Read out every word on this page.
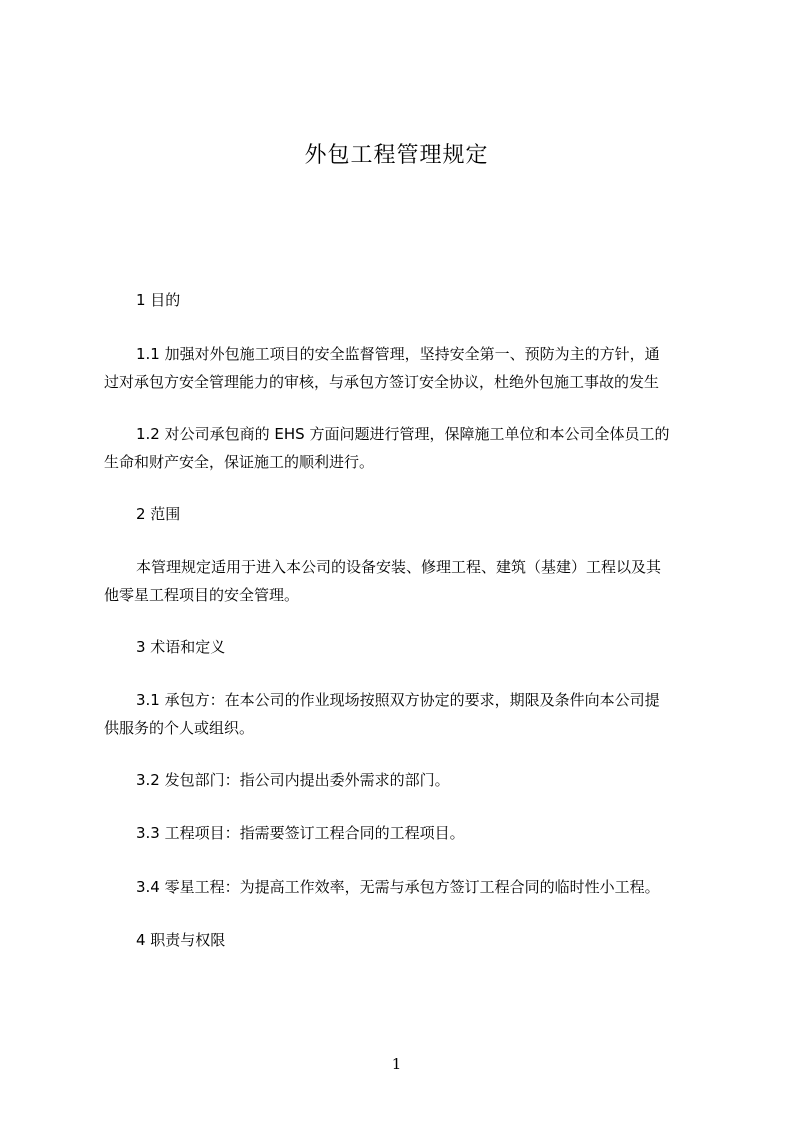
外包工程管理规定

1 目的

1.1 加强对外包施工项目的安全监督管理，坚持安全第一、预防为主的方针，通
过对承包方安全管理能力的审核，与承包方签订安全协议，杜绝外包施工事故的发生

1.2 对公司承包商的 EHS 方面问题进行管理，保障施工单位和本公司全体员工的
生命和财产安全，保证施工的顺利进行。

2 范围

本管理规定适用于进入本公司的设备安装、修理工程、建筑（基建）工程以及其
他零星工程项目的安全管理。

3 术语和定义

3.1 承包方：在本公司的作业现场按照双方协定的要求，期限及条件向本公司提
供服务的个人或组织。

3.2 发包部门：指公司内提出委外需求的部门。

3.3 工程项目：指需要签订工程合同的工程项目。

3.4 零星工程：为提高工作效率，无需与承包方签订工程合同的临时性小工程。

4 职责与权限

1
